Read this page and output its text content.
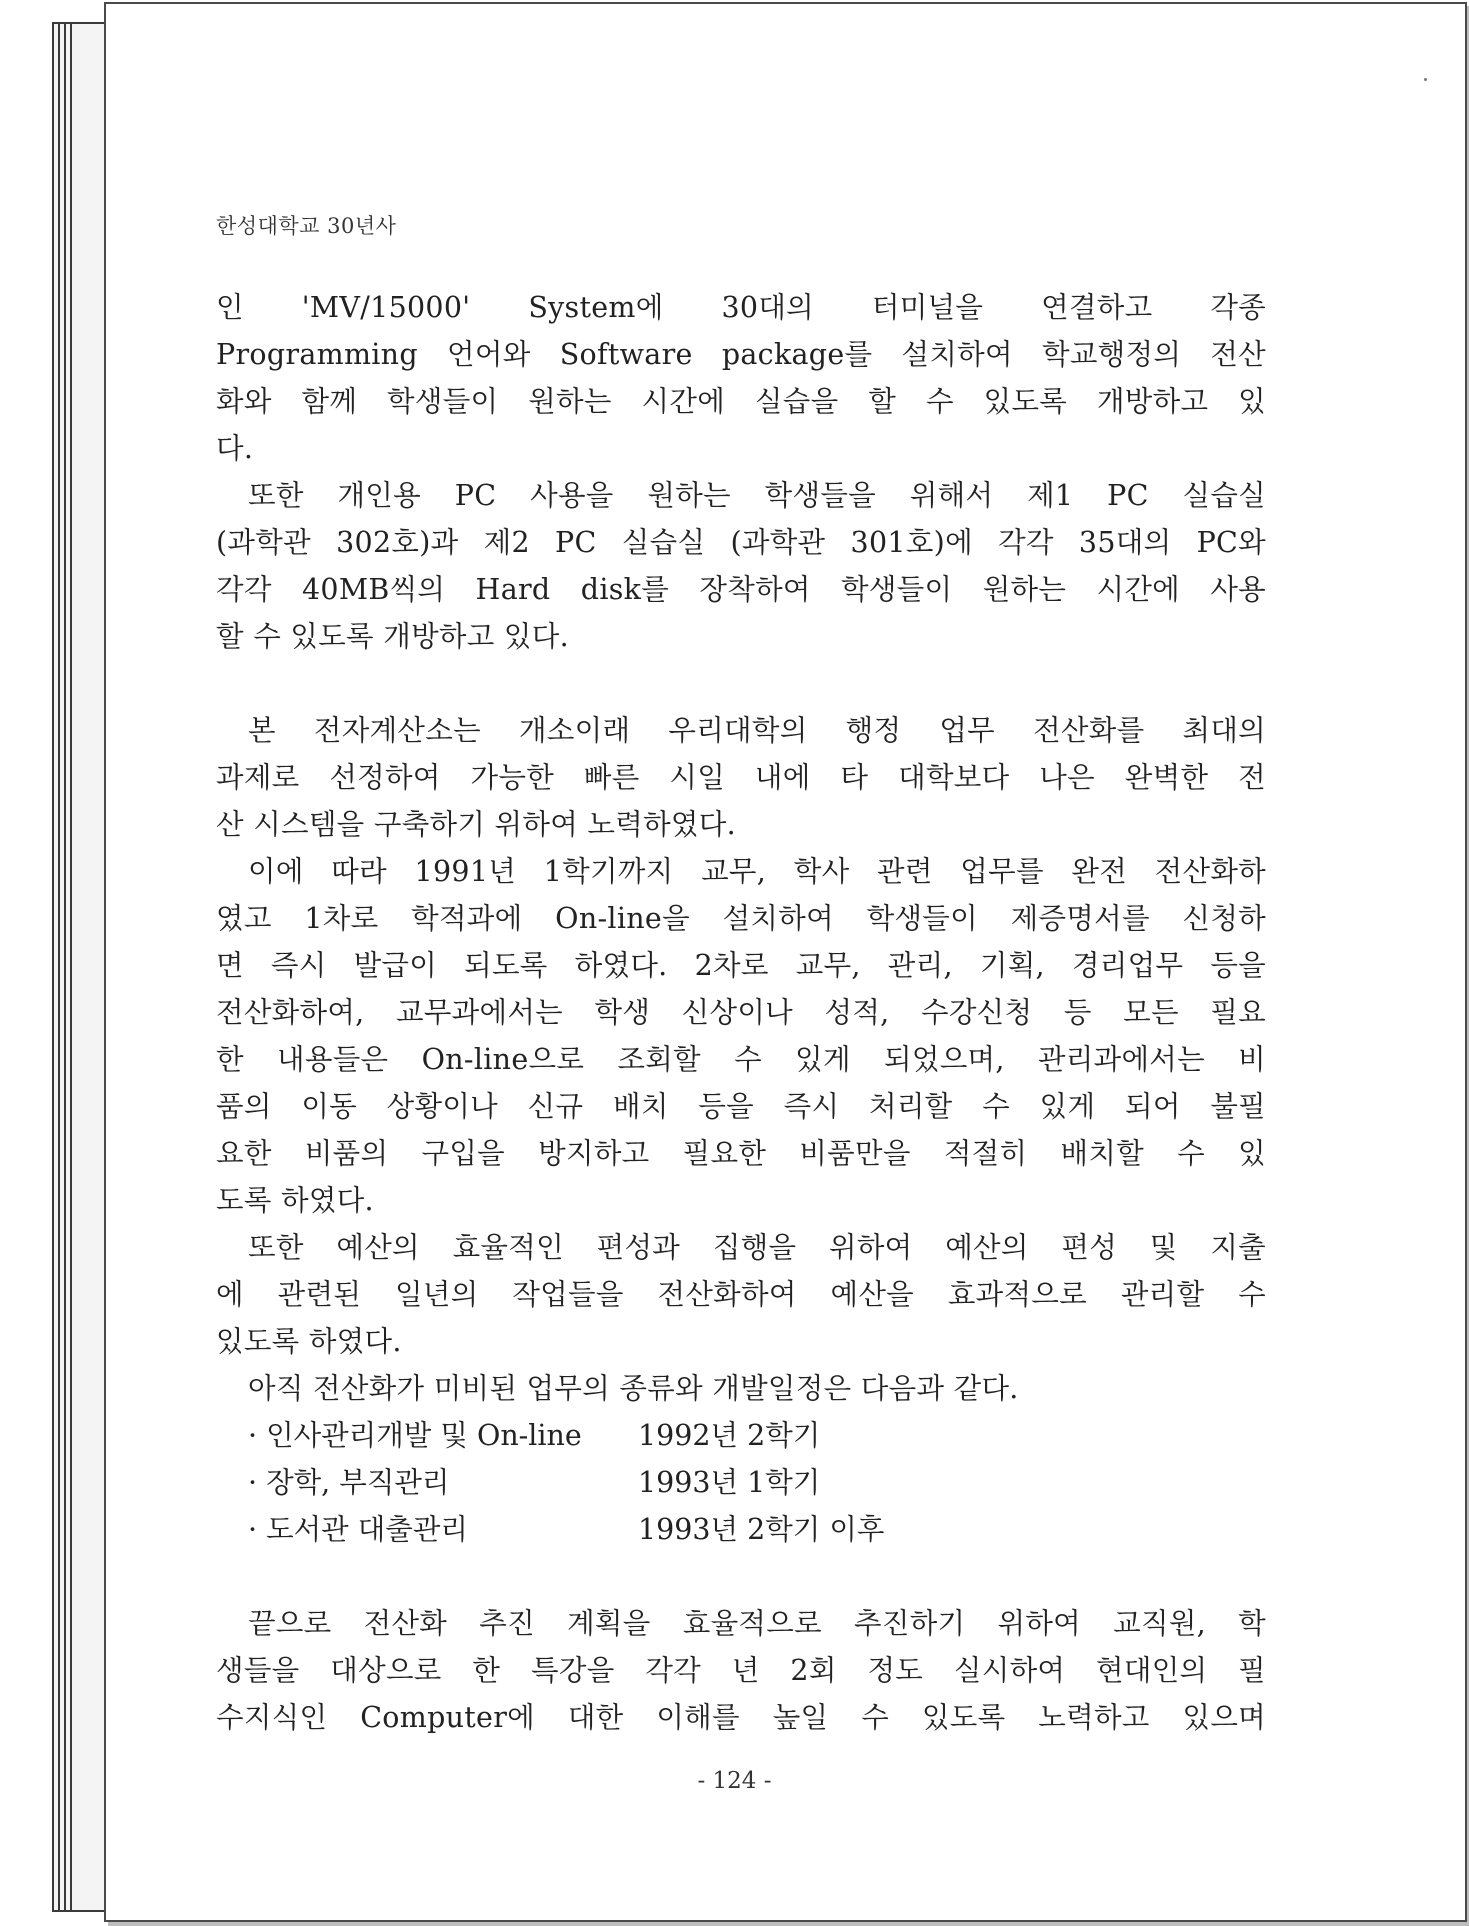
한성대학교 30년사
인 'MV/15000' System에 30대의 터미널을 연결하고 각종
Programming 언어와 Software package를 설치하여 학교행정의 전산
화와 함께 학생들이 원하는 시간에 실습을 할 수 있도록 개방하고 있
다.
또한 개인용 PC 사용을 원하는 학생들을 위해서 제1 PC 실습실
(과학관 302호)과 제2 PC 실습실 (과학관 301호)에 각각 35대의 PC와
각각 40MB씩의 Hard disk를 장착하여 학생들이 원하는 시간에 사용
할 수 있도록 개방하고 있다.
본 전자계산소는 개소이래 우리대학의 행정 업무 전산화를 최대의
과제로 선정하여 가능한 빠른 시일 내에 타 대학보다 나은 완벽한 전
산 시스템을 구축하기 위하여 노력하였다.
이에 따라 1991년 1학기까지 교무, 학사 관련 업무를 완전 전산화하
였고 1차로 학적과에 On-line을 설치하여 학생들이 제증명서를 신청하
면 즉시 발급이 되도록 하였다. 2차로 교무, 관리, 기획, 경리업무 등을
전산화하여, 교무과에서는 학생 신상이나 성적, 수강신청 등 모든 필요
한 내용들은 On-line으로 조회할 수 있게 되었으며, 관리과에서는 비
품의 이동 상황이나 신규 배치 등을 즉시 처리할 수 있게 되어 불필
요한 비품의 구입을 방지하고 필요한 비품만을 적절히 배치할 수 있
도록 하였다.
또한 예산의 효율적인 편성과 집행을 위하여 예산의 편성 및 지출
에 관련된 일년의 작업들을 전산화하여 예산을 효과적으로 관리할 수
있도록 하였다.
아직 전산화가 미비된 업무의 종류와 개발일정은 다음과 같다.
· 인사관리개발 및 On-line	1992년 2학기
· 장학, 부직관리	1993년 1학기
· 도서관 대출관리	1993년 2학기 이후
끝으로 전산화 추진 계획을 효율적으로 추진하기 위하여 교직원, 학
생들을 대상으로 한 특강을 각각 년 2회 정도 실시하여 현대인의 필
수지식인 Computer에 대한 이해를 높일 수 있도록 노력하고 있으며
- 124 -
